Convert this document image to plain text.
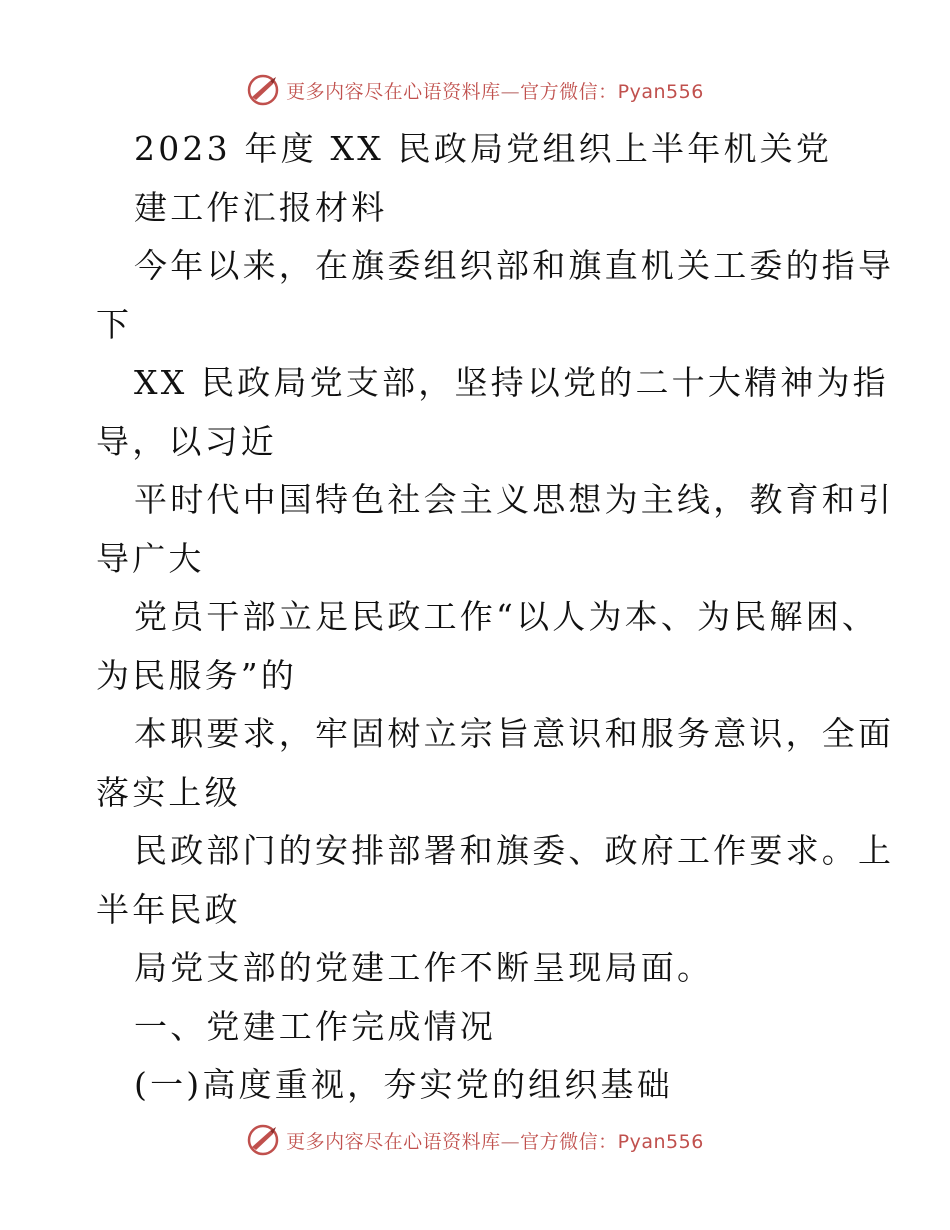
更多内容尽在心语资料库—官方微信：Pyan556
2023 年度 XX 民政局党组织上半年机关党
建工作汇报材料
今年以来，在旗委组织部和旗直机关工委的指导
下
XX 民政局党支部，坚持以党的二十大精神为指
导，以习近
平时代中国特色社会主义思想为主线，教育和引
导广大
党员干部立足民政工作“以人为本、为民解困、
为民服务”的
本职要求，牢固树立宗旨意识和服务意识，全面
落实上级
民政部门的安排部署和旗委、政府工作要求。上
半年民政
局党支部的党建工作不断呈现局面。
一、党建工作完成情况
(一)高度重视，夯实党的组织基础
更多内容尽在心语资料库—官方微信：Pyan556
